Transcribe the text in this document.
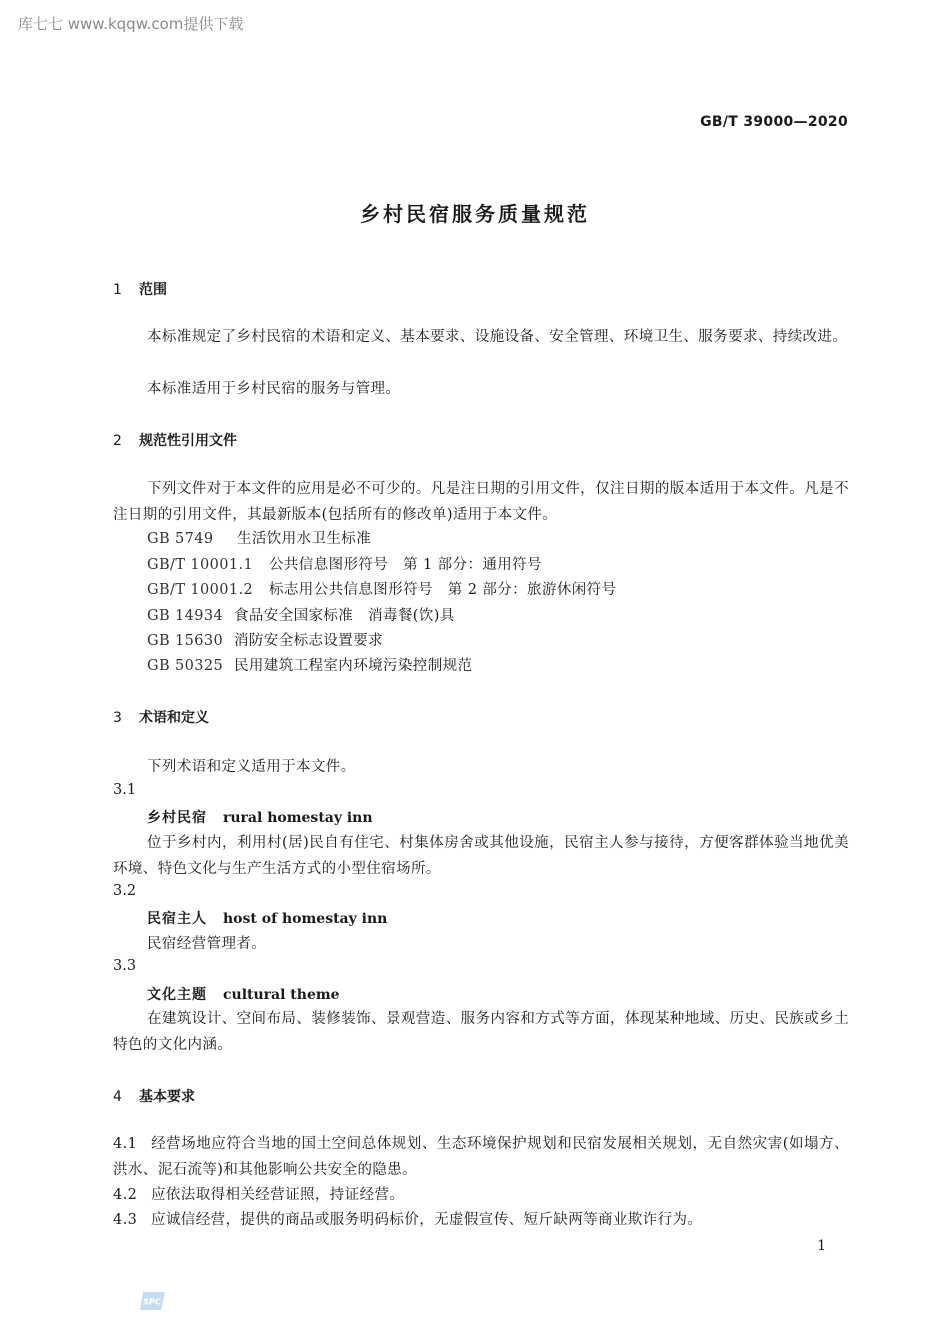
库七七 www.kqqw.com提供下载
GB/T 39000—2020
乡村民宿服务质量规范
1 范围
本标准规定了乡村民宿的术语和定义、基本要求、设施设备、安全管理、环境卫生、服务要求、持续改进。
本标准适用于乡村民宿的服务与管理。
2 规范性引用文件
下列文件对于本文件的应用是必不可少的。凡是注日期的引用文件，仅注日期的版本适用于本文件。凡是不注日期的引用文件，其最新版本(包括所有的修改单)适用于本文件。
GB 5749 生活饮用水卫生标准
GB/T 10001.1 公共信息图形符号　第 1 部分：通用符号
GB/T 10001.2 标志用公共信息图形符号　第 2 部分：旅游休闲符号
GB 14934 食品安全国家标准　消毒餐(饮)具
GB 15630 消防安全标志设置要求
GB 50325 民用建筑工程室内环境污染控制规范
3 术语和定义
下列术语和定义适用于本文件。
3.1
乡村民宿 rural homestay inn
位于乡村内，利用村(居)民自有住宅、村集体房舍或其他设施，民宿主人参与接待，方便客群体验当地优美环境、特色文化与生产生活方式的小型住宿场所。
3.2
民宿主人 host of homestay inn
民宿经营管理者。
3.3
文化主题 cultural theme
在建筑设计、空间布局、装修装饰、景观营造、服务内容和方式等方面，体现某种地域、历史、民族或乡土特色的文化内涵。
4 基本要求
4.1 经营场地应符合当地的国土空间总体规划、生态环境保护规划和民宿发展相关规划，无自然灾害(如塌方、洪水、泥石流等)和其他影响公共安全的隐患。
4.2 应依法取得相关经营证照，持证经营。
4.3 应诚信经营，提供的商品或服务明码标价，无虚假宣传、短斤缺两等商业欺诈行为。
1
SPC
